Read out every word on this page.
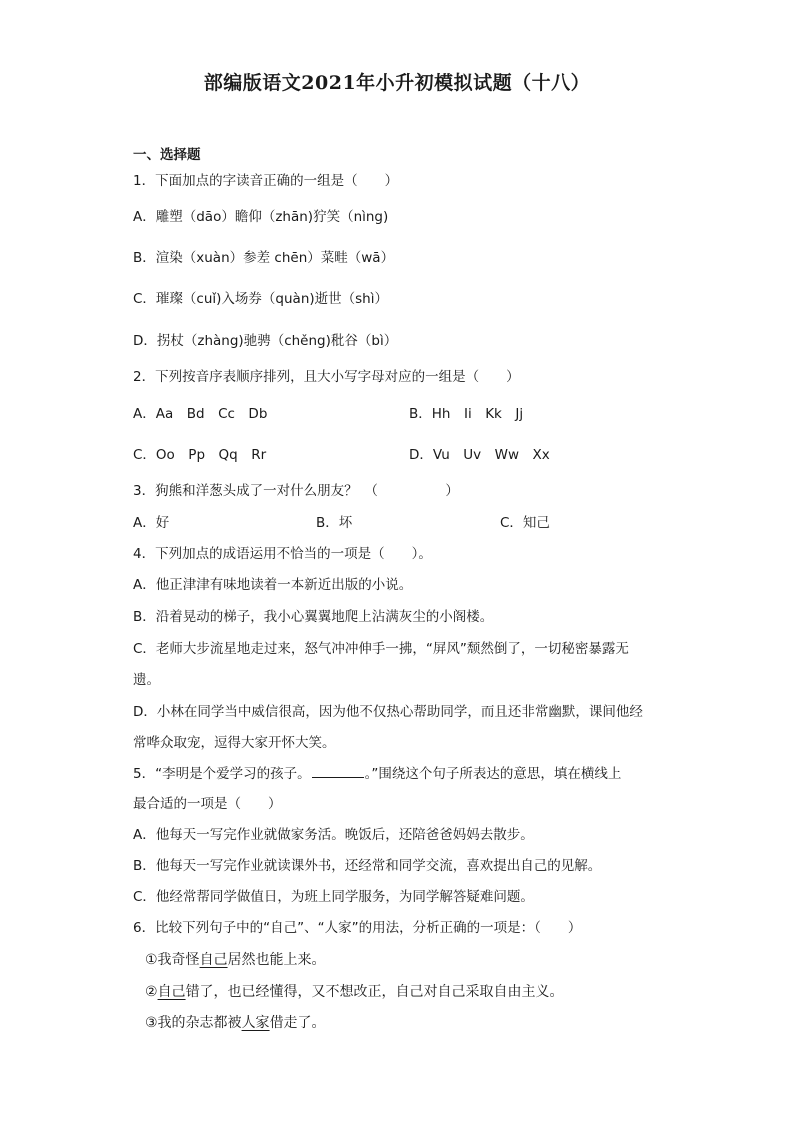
部编版语文2021年小升初模拟试题（十八）
一、选择题
1．下面加点的字读音正确的一组是（　　）
A．雕塑（dāo）瞻仰（zhān)狞笑（nìng)
B．渲染（xuàn）参差 chēn）菜畦（wā）
C．璀璨（cuǐ)入场券（quàn)逝世（shì）
D．拐杖（zhàng)驰骋（chěng)秕谷（bì）
2．下列按音序表顺序排列，且大小写字母对应的一组是（　　）
A．Aa　Bd　Cc　Db	B．Hh　Ii　Kk　Jj
C．Oo　Pp　Qq　Rr	D．Vu　Uv　Ww　Xx
3．狗熊和洋葱头成了一对什么朋友？　（　　　　　）
A．好	B．坏	C．知己
4．下列加点的成语运用不恰当的一项是（　　）。
A．他正津津有味地读着一本新近出版的小说。
B．沿着晃动的梯子，我小心翼翼地爬上沾满灰尘的小阁楼。
C．老师大步流星地走过来，怒气冲冲伸手一拂，“屏风”颓然倒了，一切秘密暴露无
遗。
D．小林在同学当中威信很高，因为他不仅热心帮助同学，而且还非常幽默，课间他经
常哗众取宠，逗得大家开怀大笑。
5．“李明是个爱学习的孩子。	。”围绕这个句子所表达的意思，填在横线上
最合适的一项是（　　）
A．他每天一写完作业就做家务活。晚饭后，还陪爸爸妈妈去散步。
B．他每天一写完作业就读课外书，还经常和同学交流，喜欢提出自己的见解。
C．他经常帮同学做值日，为班上同学服务，为同学解答疑难问题。
6．比较下列句子中的“自己”、“人家”的用法，分析正确的一项是：（　　）
①我奇怪自己居然也能上来。
②自己错了，也已经懂得，又不想改正，自己对自己采取自由主义。
③我的杂志都被人家借走了。
